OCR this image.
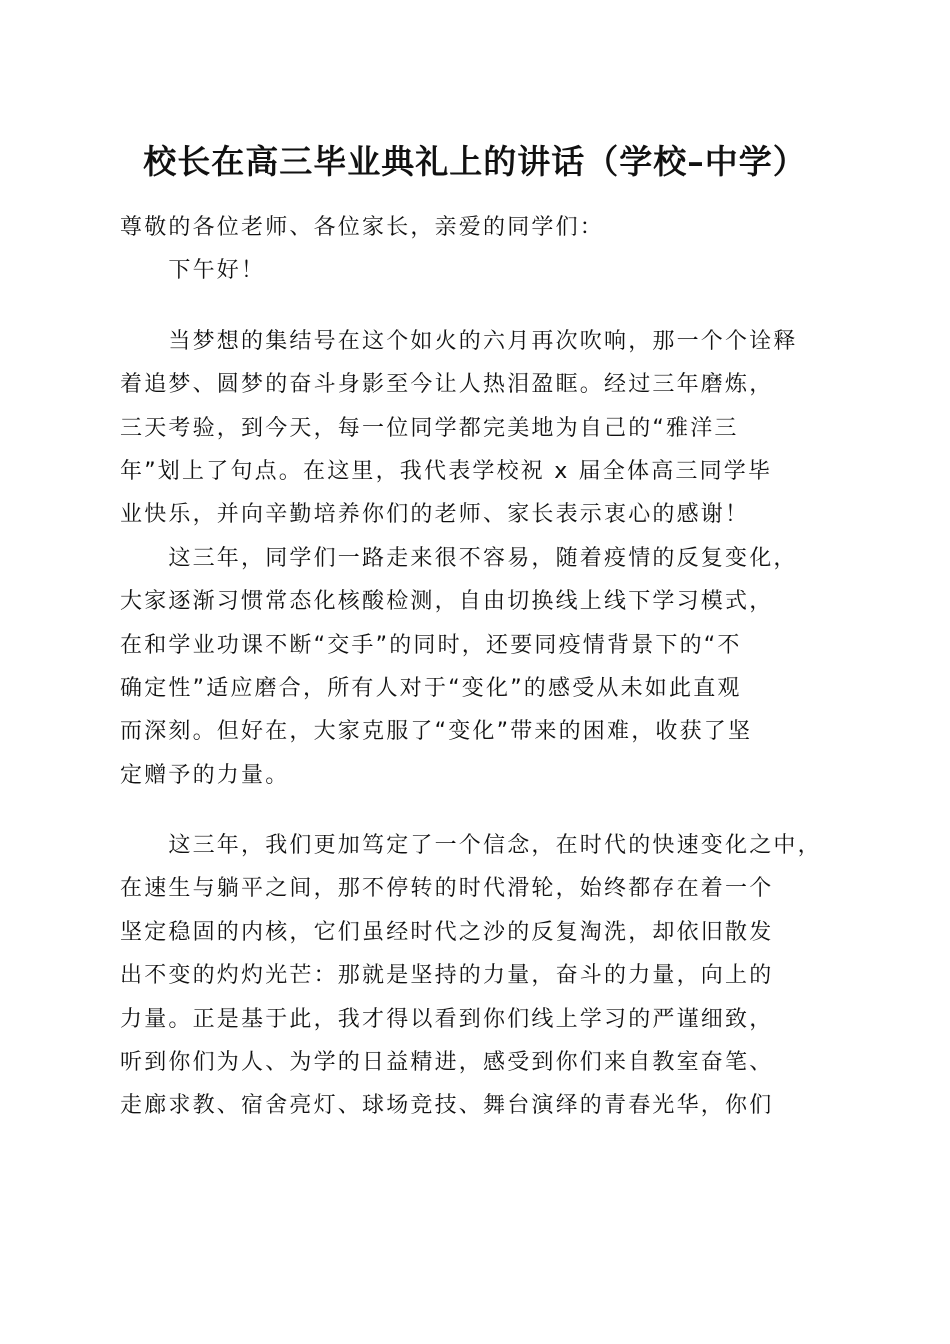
校长在高三毕业典礼上的讲话（学校–中学）
尊敬的各位老师、各位家长，亲爱的同学们：
　　下午好！
　　当梦想的集结号在这个如火的六月再次吹响，那一个个诠释
着追梦、圆梦的奋斗身影至今让人热泪盈眶。经过三年磨炼，
三天考验，到今天，每一位同学都完美地为自己的“雅洋三
年”划上了句点。在这里，我代表学校祝 x 届全体高三同学毕
业快乐，并向辛勤培养你们的老师、家长表示衷心的感谢！
　　这三年，同学们一路走来很不容易，随着疫情的反复变化，
大家逐渐习惯常态化核酸检测，自由切换线上线下学习模式，
在和学业功课不断“交手”的同时，还要同疫情背景下的“不
确定性”适应磨合，所有人对于“变化”的感受从未如此直观
而深刻。但好在，大家克服了“变化”带来的困难，收获了坚
定赠予的力量。
　　这三年，我们更加笃定了一个信念，在时代的快速变化之中，
在速生与躺平之间，那不停转的时代滑轮，始终都存在着一个
坚定稳固的内核，它们虽经时代之沙的反复淘洗，却依旧散发
出不变的灼灼光芒：那就是坚持的力量，奋斗的力量，向上的
力量。正是基于此，我才得以看到你们线上学习的严谨细致，
听到你们为人、为学的日益精进，感受到你们来自教室奋笔、
走廊求教、宿舍亮灯、球场竞技、舞台演绎的青春光华，你们
